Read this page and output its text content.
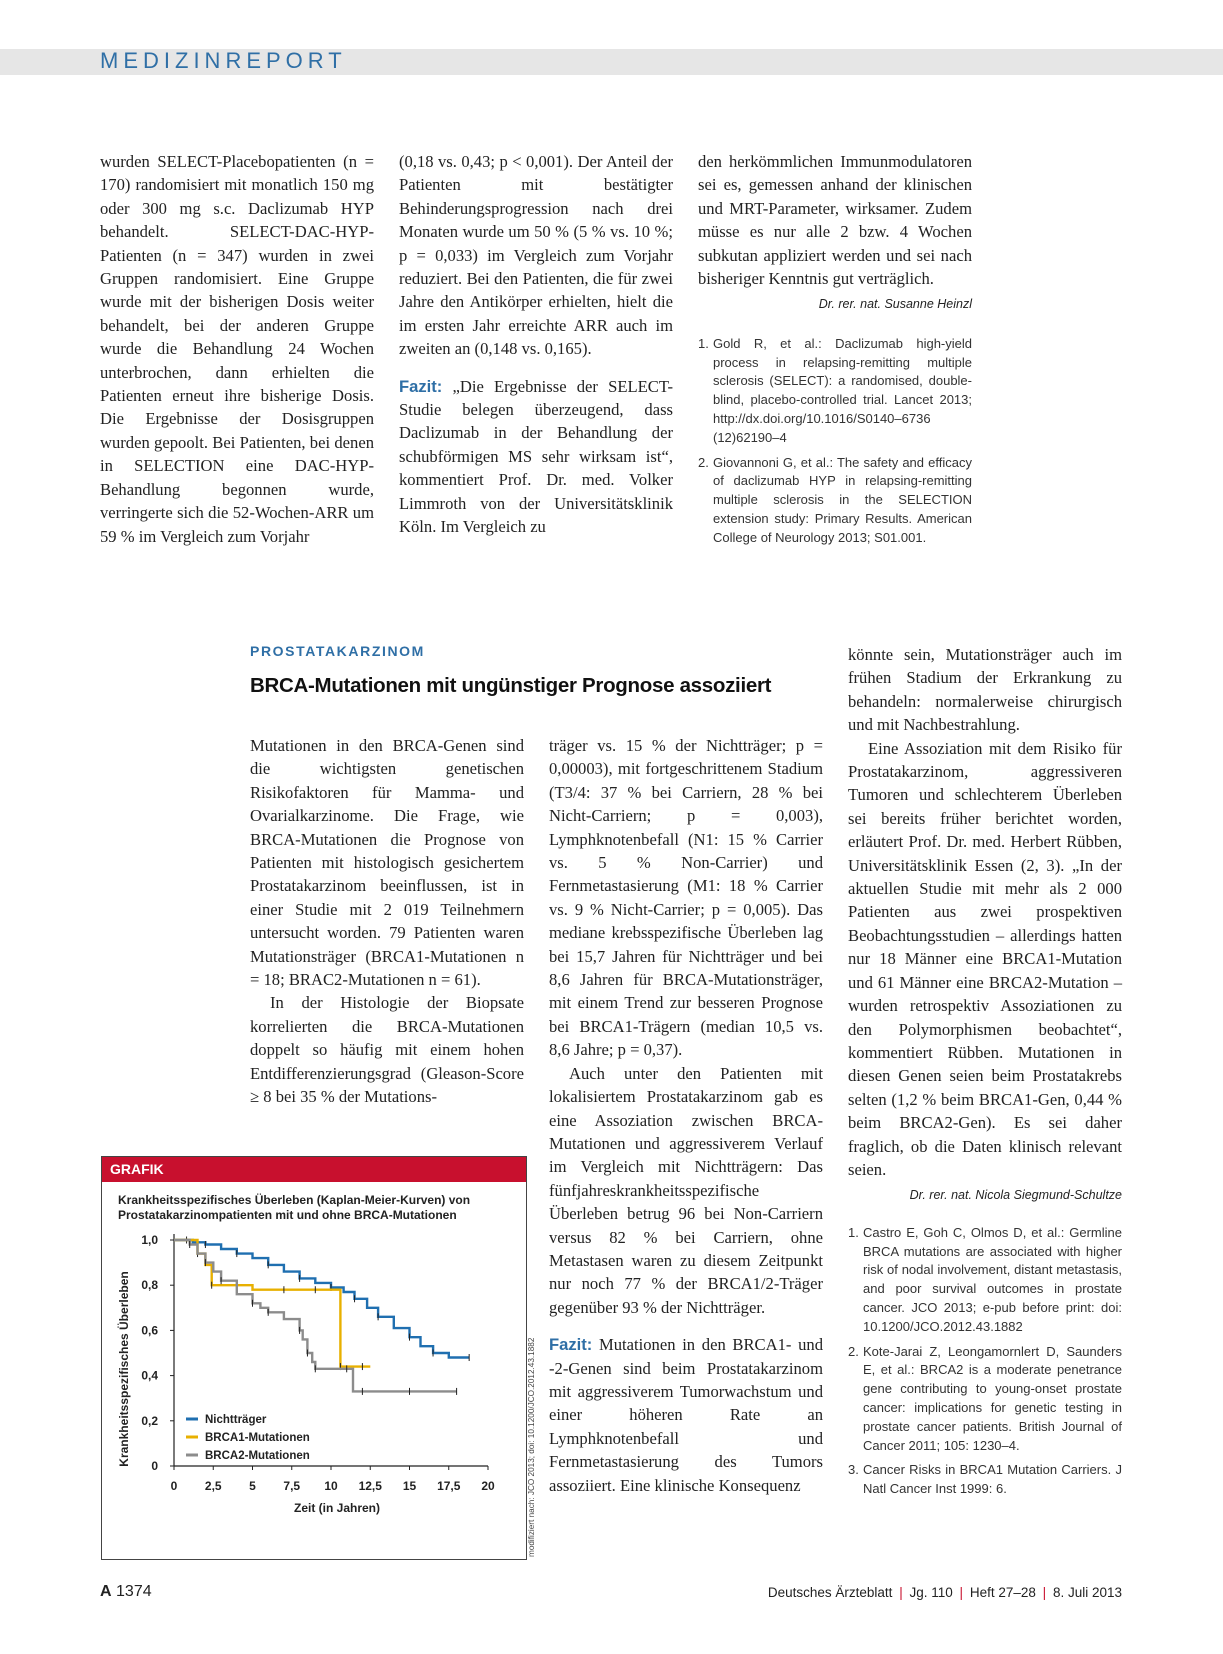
MEDIZINREPORT

wurden SELECT-Placebopatienten (n = 170) randomisiert mit monatlich 150 mg oder 300 mg s.c. Daclizumab HYP behandelt. SELECT-DAC-HYP-Patienten (n = 347) wurden in zwei Gruppen randomisiert. Eine Gruppe wurde mit der bisherigen Dosis weiter behandelt, bei der anderen Gruppe wurde die Behandlung 24 Wochen unterbrochen, dann erhielten die Patienten erneut ihre bisherige Dosis. Die Ergebnisse der Dosisgruppen wurden gepoolt. Bei Patienten, bei denen in SELECTION eine DAC-HYP-Behandlung begonnen wurde, verringerte sich die 52-Wochen-ARR um 59 % im Vergleich zum Vorjahr

(0,18 vs. 0,43; p < 0,001). Der Anteil der Patienten mit bestätigter Behinderungsprogression nach drei Monaten wurde um 50 % (5 % vs. 10 %; p = 0,033) im Vergleich zum Vorjahr reduziert. Bei den Patienten, die für zwei Jahre den Antikörper erhielten, hielt die im ersten Jahr erreichte ARR auch im zweiten an (0,148 vs. 0,165).

Fazit: „Die Ergebnisse der SELECT-Studie belegen überzeugend, dass Daclizumab in der Behandlung der schubförmigen MS sehr wirksam ist“, kommentiert Prof. Dr. med. Volker Limmroth von der Universitätsklinik Köln. Im Vergleich zu

den herkömmlichen Immunmodulatoren sei es, gemessen anhand der klinischen und MRT-Parameter, wirksamer. Zudem müsse es nur alle 2 bzw. 4 Wochen subkutan appliziert werden und sei nach bisheriger Kenntnis gut verträglich.

Dr. rer. nat. Susanne Heinzl
1. Gold R, et al.: Daclizumab high-yield process in relapsing-remitting multiple sclerosis (SELECT): a randomised, double-blind, placebo-controlled trial. Lancet 2013; http://dx.doi.org/10.1016/S0140–6736 (12)62190–4
2. Giovannoni G, et al.: The safety and efficacy of daclizumab HYP in relapsing-remitting multiple sclerosis in the SELECTION extension study: Primary Results. American College of Neurology 2013; S01.001.
PROSTATAKARZINOM
BRCA-Mutationen mit ungünstiger Prognose assoziiert

Mutationen in den BRCA-Genen sind die wichtigsten genetischen Risikofaktoren für Mamma- und Ovarialkarzinome. Die Frage, wie BRCA-Mutationen die Prognose von Patienten mit histologisch gesichertem Prostatakarzinom beeinflussen, ist in einer Studie mit 2 019 Teilnehmern untersucht worden. 79 Patienten waren Mutationsträger (BRCA1-Mutationen n = 18; BRAC2-Mutationen n = 61).

In der Histologie der Biopsate korrelierten die BRCA-Mutationen doppelt so häufig mit einem hohen Entdifferenzierungsgrad (Gleason-Score ≥ 8 bei 35 % der Mutations-

träger vs. 15 % der Nichtträger; p = 0,00003), mit fortgeschrittenem Stadium (T3/4: 37 % bei Carriern, 28 % bei Nicht-Carriern; p = 0,003), Lymphknotenbefall (N1: 15 % Carrier vs. 5 % Non-Carrier) und Fernmetastasierung (M1: 18 % Carrier vs. 9 % Nicht-Carrier; p = 0,005). Das mediane krebsspezifische Überleben lag bei 15,7 Jahren für Nichtträger und bei 8,6 Jahren für BRCA-Mutationsträger, mit einem Trend zur besseren Prognose bei BRCA1-Trägern (median 10,5 vs. 8,6 Jahre; p = 0,37).

Auch unter den Patienten mit lokalisiertem Prostatakarzinom gab es eine Assoziation zwischen BRCA-Mutationen und aggressiverem Verlauf im Vergleich mit Nichtträgern: Das fünfjahreskrankheitsspezifische Überleben betrug 96 bei Non-Carriern versus 82 % bei Carriern, ohne Metastasen waren zu diesem Zeitpunkt nur noch 77 % der BRCA1/2-Träger gegenüber 93 % der Nichtträger.

Fazit: Mutationen in den BRCA1- und -2-Genen sind beim Prostatakarzinom mit aggressiverem Tumorwachstum und einer höheren Rate an Lymphknotenbefall und Fernmetastasierung des Tumors assoziiert. Eine klinische Konsequenz

könnte sein, Mutationsträger auch im frühen Stadium der Erkrankung zu behandeln: normalerweise chirurgisch und mit Nachbestrahlung.

Eine Assoziation mit dem Risiko für Prostatakarzinom, aggressiveren Tumoren und schlechterem Überleben sei bereits früher berichtet worden, erläutert Prof. Dr. med. Herbert Rübben, Universitätsklinik Essen (2, 3). „In der aktuellen Studie mit mehr als 2 000 Patienten aus zwei prospektiven Beobachtungsstudien – allerdings hatten nur 18 Männer eine BRCA1-Mutation und 61 Männer eine BRCA2-Mutation – wurden retrospektiv Assoziationen zu den Polymorphismen beobachtet“, kommentiert Rübben. Mutationen in diesen Genen seien beim Prostatakrebs selten (1,2 % beim BRCA1-Gen, 0,44 % beim BRCA2-Gen). Es sei daher fraglich, ob die Daten klinisch relevant seien.

Dr. rer. nat. Nicola Siegmund-Schultze
1. Castro E, Goh C, Olmos D, et al.: Germline BRCA mutations are associated with higher risk of nodal involvement, distant metastasis, and poor survival outcomes in prostate cancer. JCO 2013; e-pub before print: doi: 10.1200/JCO.2012.43.1882
2. Kote-Jarai Z, Leongamornlert D, Saunders E, et al.: BRCA2 is a moderate penetrance gene contributing to young-onset prostate cancer: implications for genetic testing in prostate cancer patients. British Journal of Cancer 2011; 105: 1230–4.
3. Cancer Risks in BRCA1 Mutation Carriers. J Natl Cancer Inst 1999: 6.
GRAFIK
Krankheitsspezifisches Überleben (Kaplan-Meier-Kurven) von Prostatakarzinompatienten mit und ohne BRCA-Mutationen
0 2,5 5 7,5 10 12,5 15 17,5 20
0
0,2
0,4
0,6
0,8
1,0
Zeit (in Jahren)
Krankheitsspezifisches Überleben	Nichtträger
BRCA1-Mutationen
BRCA2-Mutationen	modifiziert nach: JCO 2013; doi: 10.1200/JCO.2012.43.1882
A 1374	Deutsches Ärzteblatt | Jg. 110 | Heft 27–28 | 8. Juli 2013
